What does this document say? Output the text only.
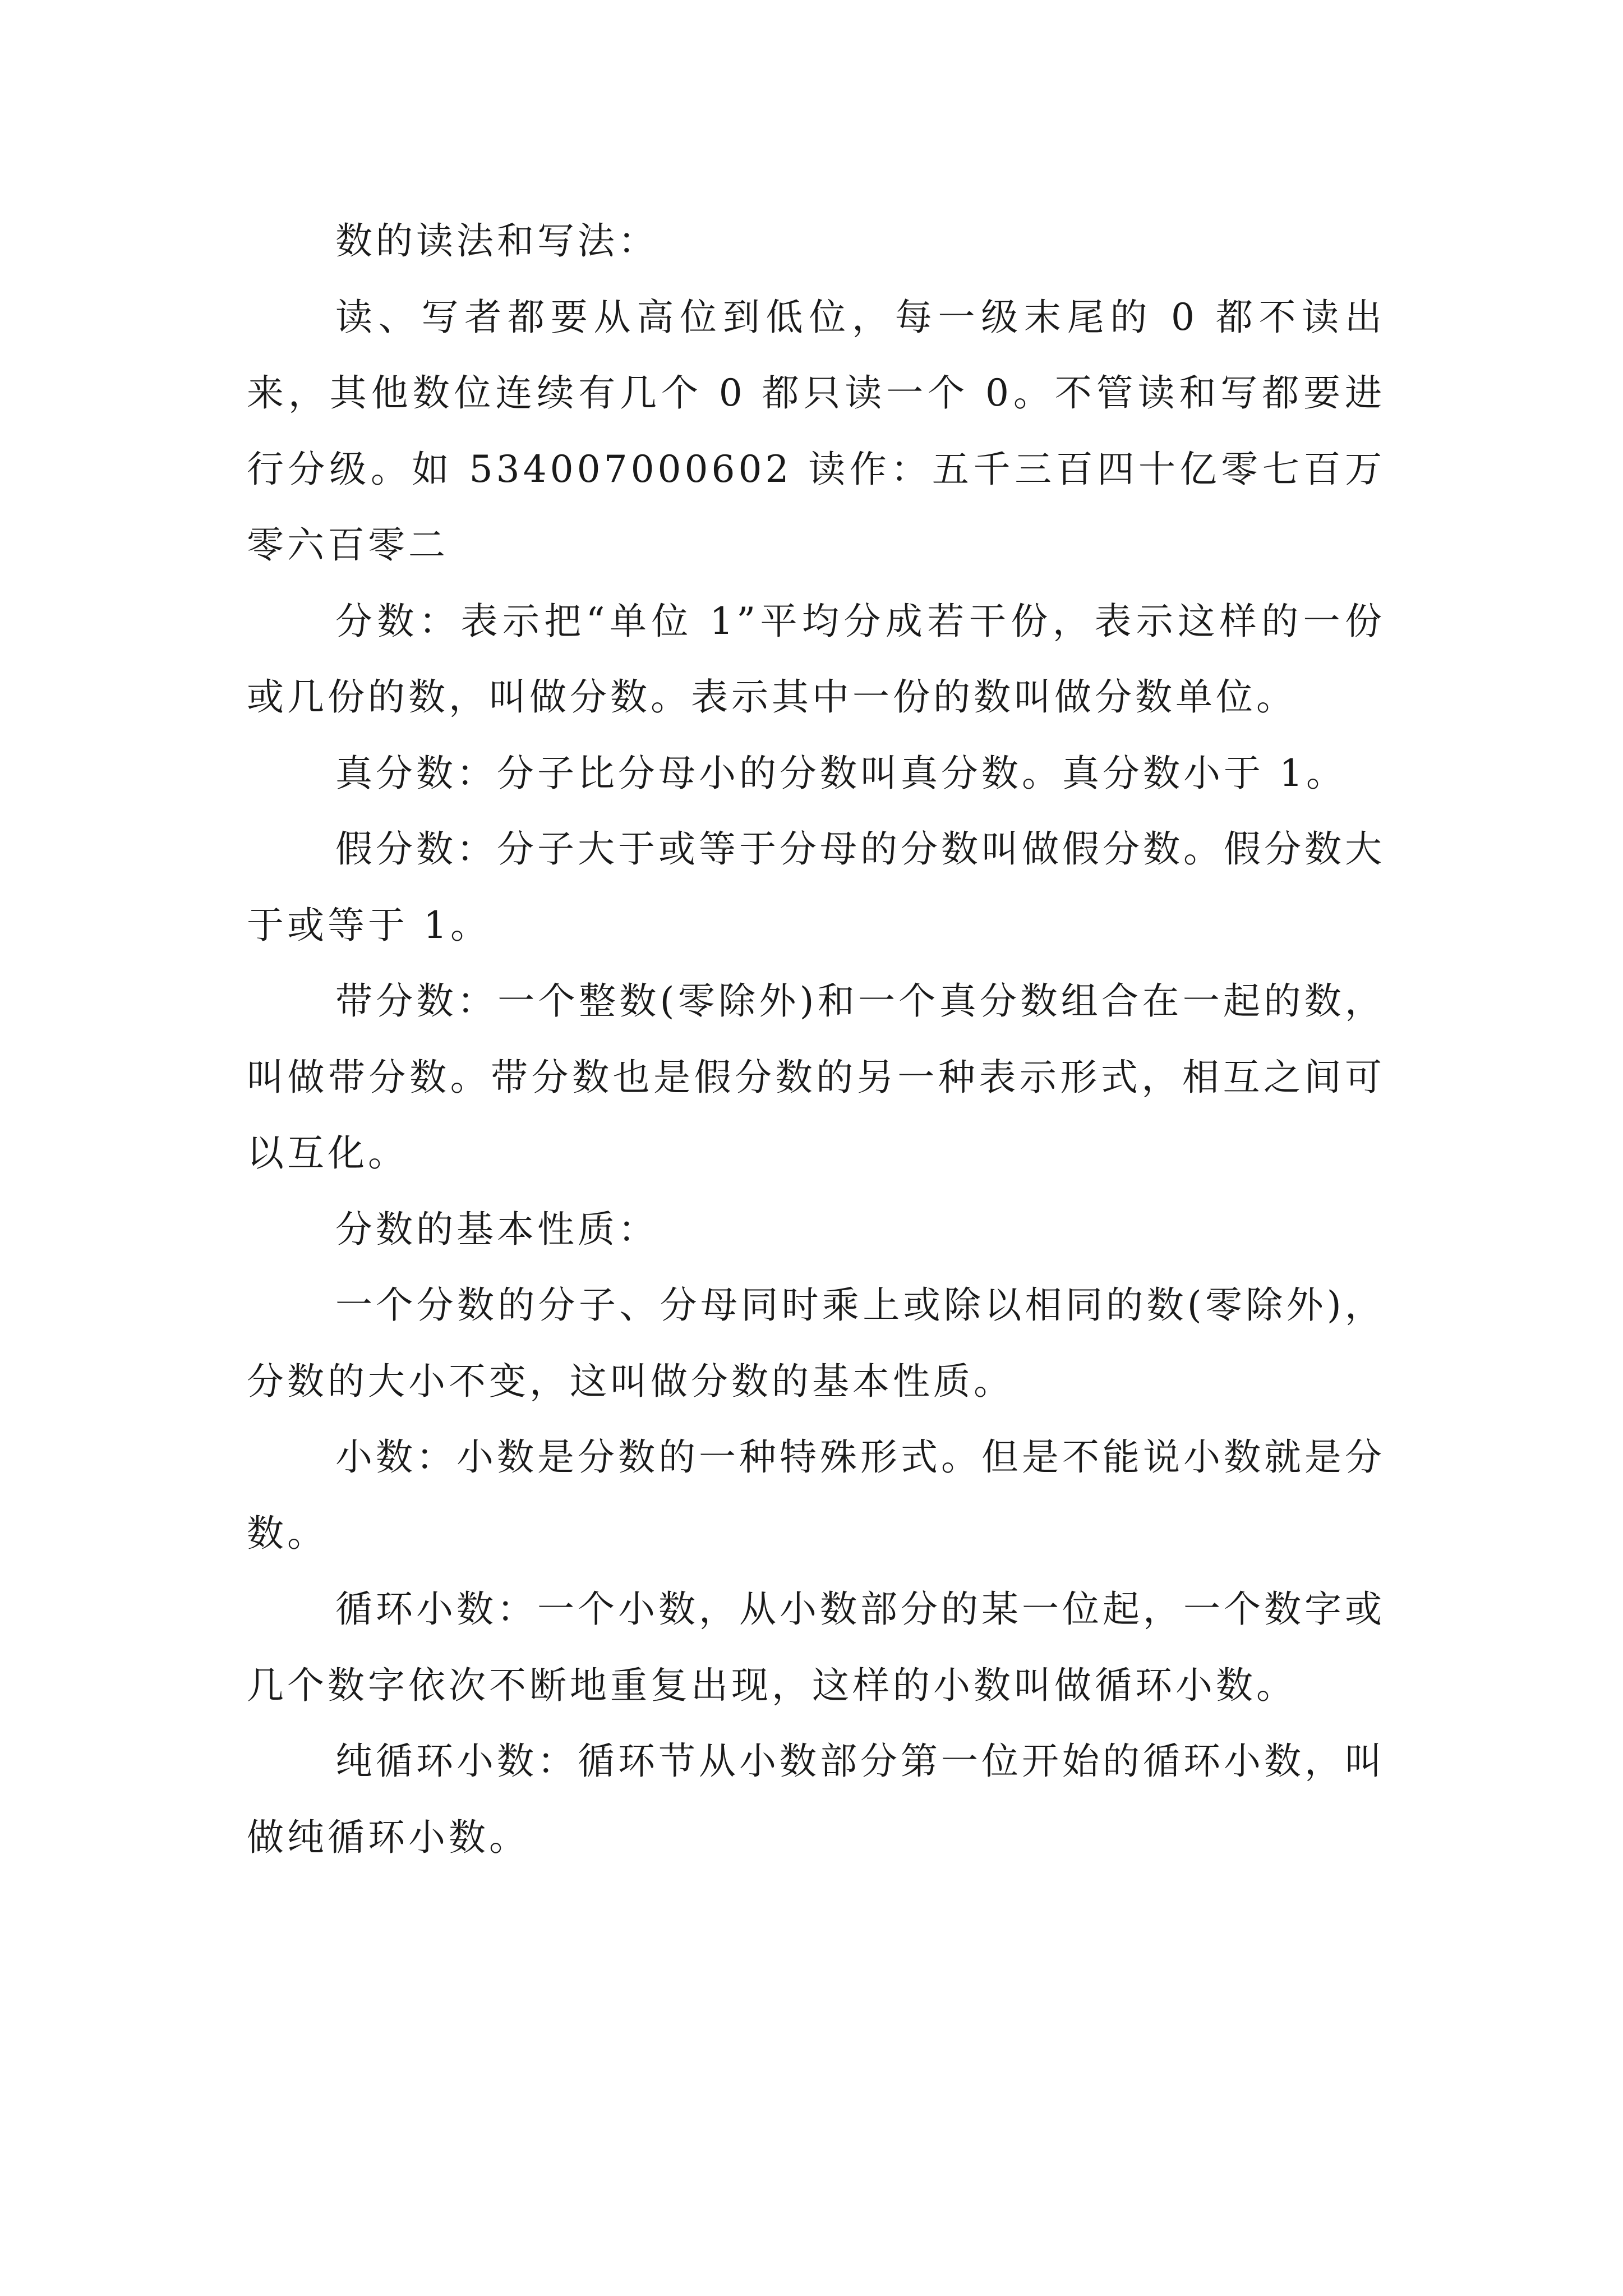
数的读法和写法：

读、写者都要从高位到低位，每一级末尾的 0 都不读出来，其他数位连续有几个 0 都只读一个 0。不管读和写都要进行分级。如 534007000602 读作：五千三百四十亿零七百万零六百零二

分数：表示把“单位 1”平均分成若干份，表示这样的一份或几份的数，叫做分数。表示其中一份的数叫做分数单位。

真分数：分子比分母小的分数叫真分数。真分数小于 1。

假分数：分子大于或等于分母的分数叫做假分数。假分数大于或等于 1。

带分数：一个整数(零除外)和一个真分数组合在一起的数，叫做带分数。带分数也是假分数的另一种表示形式，相互之间可以互化。

分数的基本性质：

一个分数的分子、分母同时乘上或除以相同的数(零除外)，分数的大小不变，这叫做分数的基本性质。

小数：小数是分数的一种特殊形式。但是不能说小数就是分数。

循环小数：一个小数，从小数部分的某一位起，一个数字或几个数字依次不断地重复出现，这样的小数叫做循环小数。

纯循环小数：循环节从小数部分第一位开始的循环小数，叫做纯循环小数。
